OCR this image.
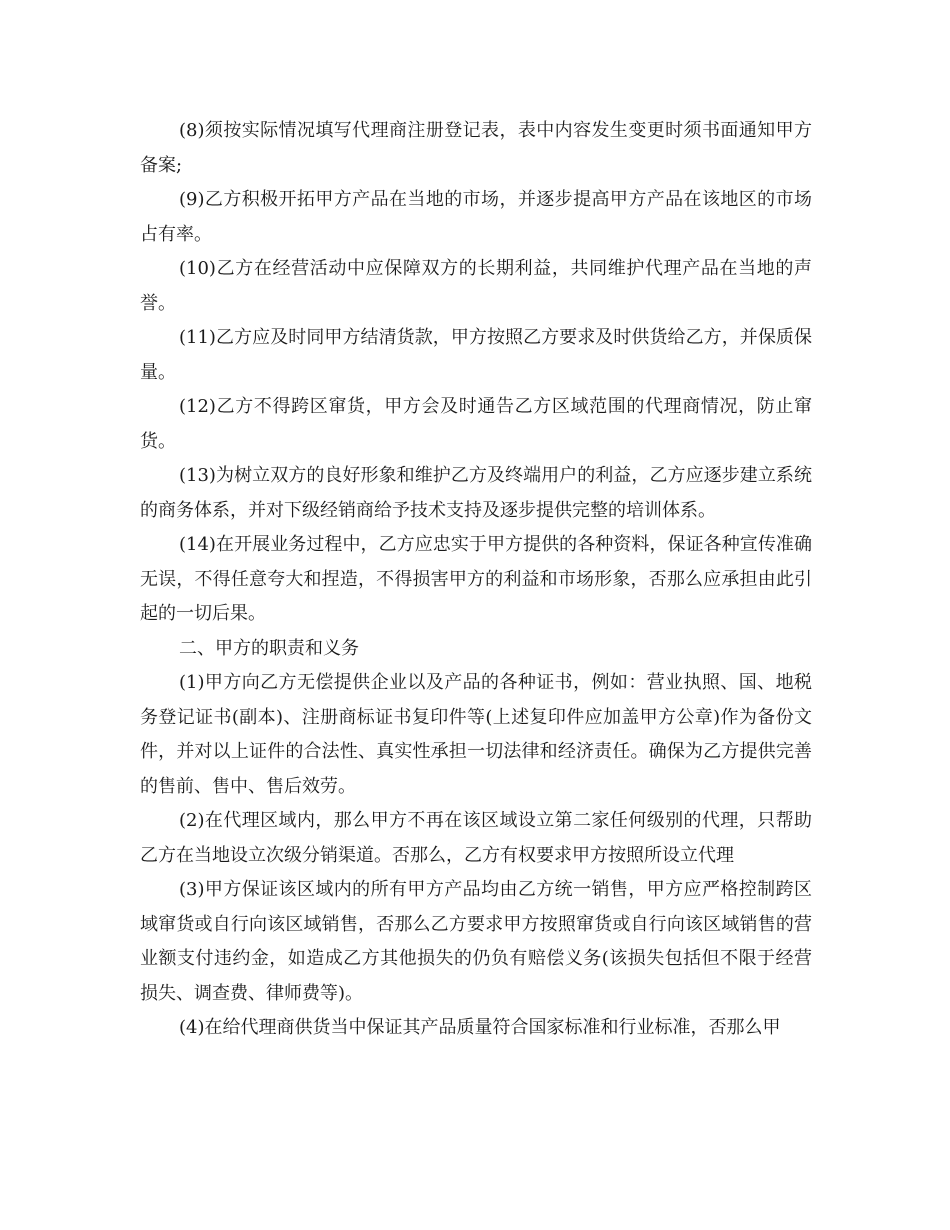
(8)须按实际情况填写代理商注册登记表，表中内容发生变更时须书面通知甲方备案;

(9)乙方积极开拓甲方产品在当地的市场，并逐步提高甲方产品在该地区的市场占有率。

(10)乙方在经营活动中应保障双方的长期利益，共同维护代理产品在当地的声誉。

(11)乙方应及时同甲方结清货款，甲方按照乙方要求及时供货给乙方，并保质保量。

(12)乙方不得跨区窜货，甲方会及时通告乙方区域范围的代理商情况，防止窜货。

(13)为树立双方的良好形象和维护乙方及终端用户的利益，乙方应逐步建立系统的商务体系，并对下级经销商给予技术支持及逐步提供完整的培训体系。

(14)在开展业务过程中，乙方应忠实于甲方提供的各种资料，保证各种宣传准确无误，不得任意夸大和捏造，不得损害甲方的利益和市场形象，否那么应承担由此引起的一切后果。

二、甲方的职责和义务

(1)甲方向乙方无偿提供企业以及产品的各种证书，例如：营业执照、国、地税务登记证书(副本)、注册商标证书复印件等(上述复印件应加盖甲方公章)作为备份文件，并对以上证件的合法性、真实性承担一切法律和经济责任。确保为乙方提供完善的售前、售中、售后效劳。

(2)在代理区域内，那么甲方不再在该区域设立第二家任何级别的代理，只帮助乙方在当地设立次级分销渠道。否那么，乙方有权要求甲方按照所设立代理

(3)甲方保证该区域内的所有甲方产品均由乙方统一销售，甲方应严格控制跨区域窜货或自行向该区域销售，否那么乙方要求甲方按照窜货或自行向该区域销售的营业额支付违约金，如造成乙方其他损失的仍负有赔偿义务(该损失包括但不限于经营损失、调查费、律师费等)。

(4)在给代理商供货当中保证其产品质量符合国家标准和行业标准，否那么甲
